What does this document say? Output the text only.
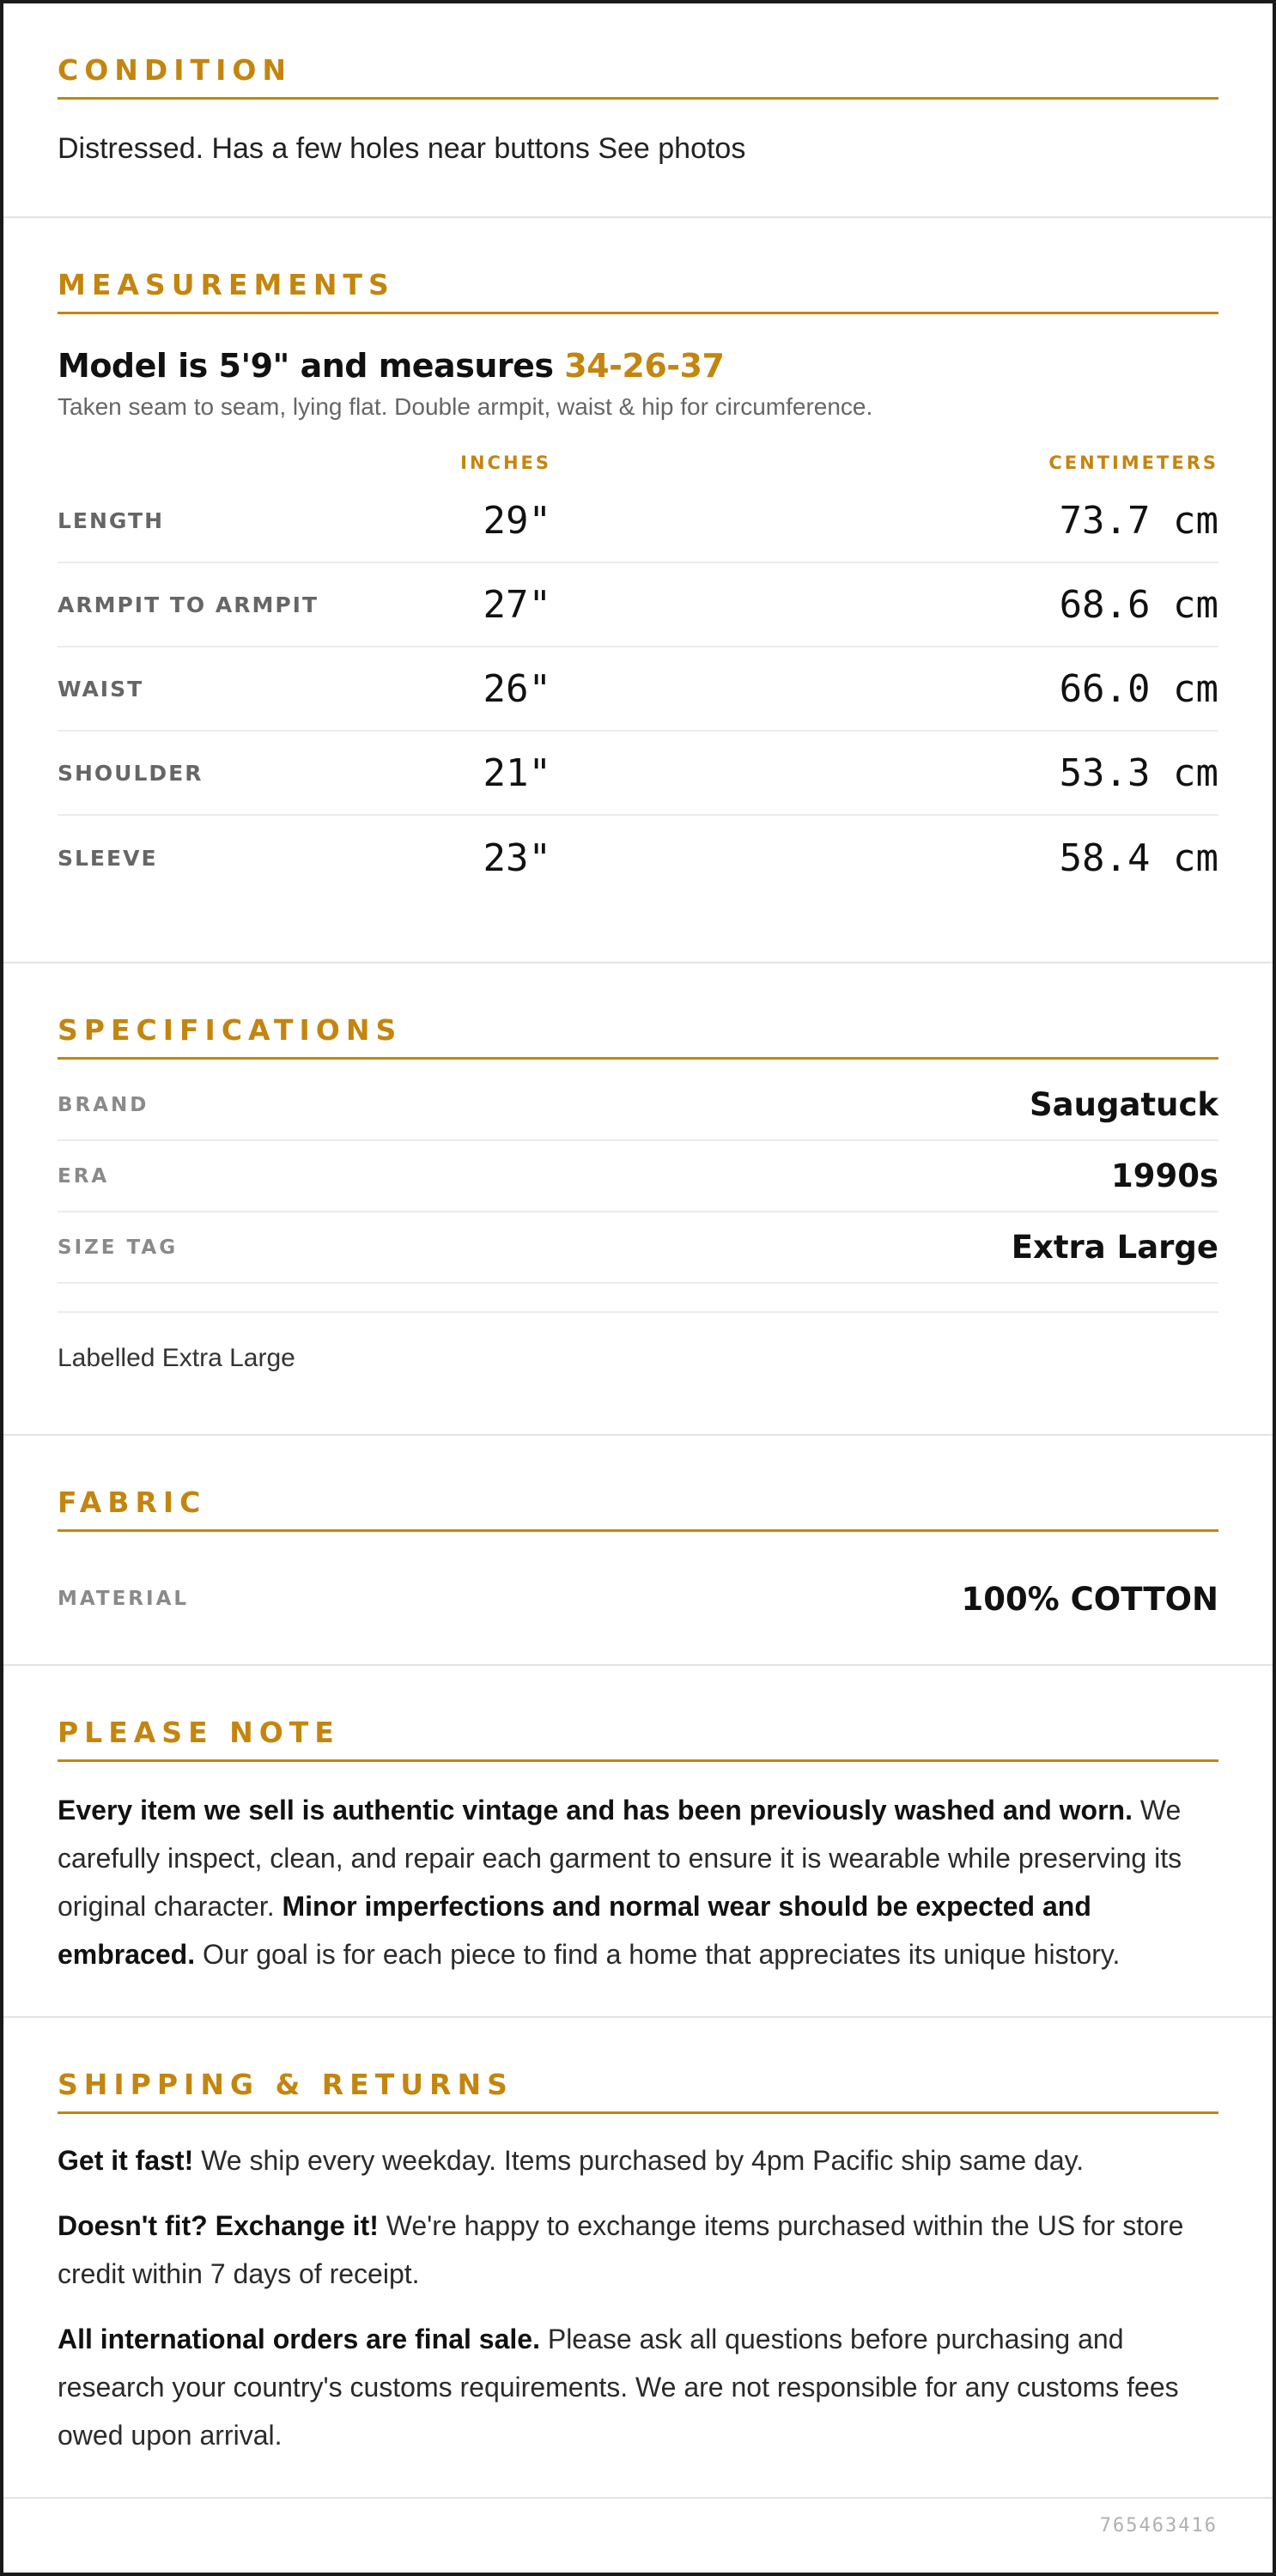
CONDITION

Distressed. Has a few holes near buttons See photos

MEASUREMENTS
Model is 5'9" and measures 34-26-37

Taken seam to seam, lying flat. Double armpit, waist & hip for circumference.

INCHES	CENTIMETERS
LENGTH	29"	73.7 cm
ARMPIT TO ARMPIT	27"	68.6 cm
WAIST	26"	66.0 cm
SHOULDER	21"	53.3 cm
SLEEVE	23"	58.4 cm
SPECIFICATIONS
BRAND	Saugatuck
ERA	1990s
SIZE TAG	Extra Large

Labelled Extra Large

FABRIC
MATERIAL	100% COTTON
PLEASE NOTE

Every item we sell is authentic vintage and has been previously washed and worn. We carefully inspect, clean, and repair each garment to ensure it is wearable while preserving its original character. Minor imperfections and normal wear should be expected and embraced. Our goal is for each piece to find a home that appreciates its unique history.

SHIPPING & RETURNS

Get it fast! We ship every weekday. Items purchased by 4pm Pacific ship same day.

Doesn't fit? Exchange it! We're happy to exchange items purchased within the US for store credit within 7 days of receipt.

All international orders are final sale. Please ask all questions before purchasing and research your country's customs requirements. We are not responsible for any customs fees owed upon arrival.

765463416
